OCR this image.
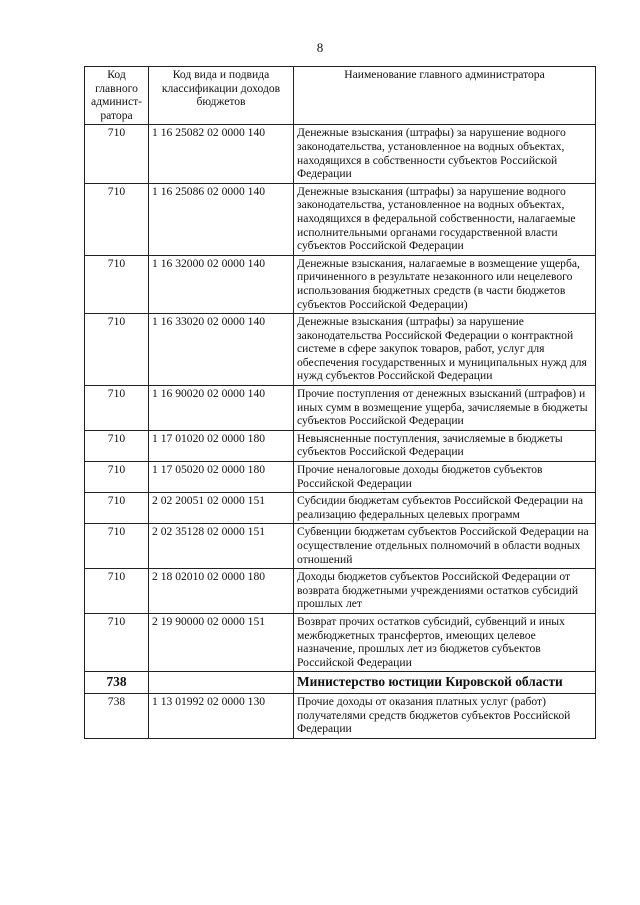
8
Код главного админист-ратора	Код вида и подвида классификации доходов бюджетов	Наименование главного администратора
710	1 16 25082 02 0000 140	Денежные взыскания (штрафы) за нарушение водного законодательства, установленное на водных объектах, находящихся в собственности субъектов Российской Федерации
710	1 16 25086 02 0000 140	Денежные взыскания (штрафы) за нарушение водного законодательства, установленное на водных объектах, находящихся в федеральной собственности, налагаемые исполнительными органами государственной власти субъектов Российской Федерации
710	1 16 32000 02 0000 140	Денежные взыскания, налагаемые в возмещение ущерба, причиненного в результате незаконного или нецелевого использования бюджетных средств (в части бюджетов субъектов Российской Федерации)
710	1 16 33020 02 0000 140	Денежные взыскания (штрафы) за нарушение законодательства Российской Федерации о контрактной системе в сфере закупок товаров, работ, услуг для обеспечения государственных и муниципальных нужд для нужд субъектов Российской Федерации
710	1 16 90020 02 0000 140	Прочие поступления от денежных взысканий (штрафов) и иных сумм в возмещение ущерба, зачисляемые в бюджеты субъектов Российской Федерации
710	1 17 01020 02 0000 180	Невыясненные поступления, зачисляемые в бюджеты субъектов Российской Федерации
710	1 17 05020 02 0000 180	Прочие неналоговые доходы бюджетов субъектов Российской Федерации
710	2 02 20051 02 0000 151	Субсидии бюджетам субъектов Российской Федерации на реализацию федеральных целевых программ
710	2 02 35128 02 0000 151	Субвенции бюджетам субъектов Российской Федерации на осуществление отдельных полномочий в области водных отношений
710	2 18 02010 02 0000 180	Доходы бюджетов субъектов Российской Федерации от возврата бюджетными учреждениями остатков субсидий прошлых лет
710	2 19 90000 02 0000 151	Возврат прочих остатков субсидий, субвенций и иных межбюджетных трансфертов, имеющих целевое назначение, прошлых лет из бюджетов субъектов Российской Федерации
738		Министерство юстиции Кировской области
738	1 13 01992 02 0000 130	Прочие доходы от оказания платных услуг (работ) получателями средств бюджетов субъектов Российской Федерации
